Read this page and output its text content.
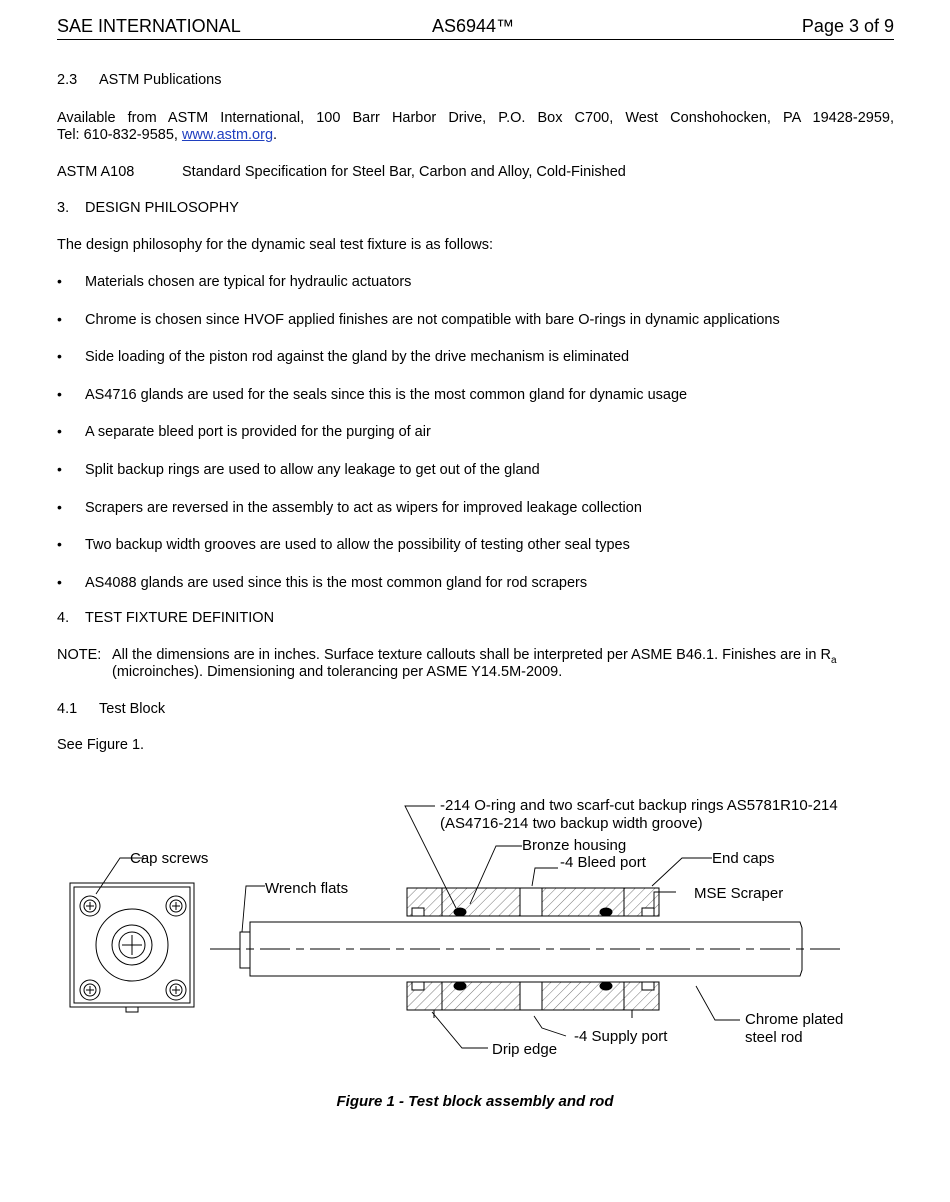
SAE INTERNATIONAL	AS6944™	Page 3 of 9
2.3 ASTM Publications
Available from ASTM International, 100 Barr Harbor Drive, P.O. Box C700, West Conshohocken, PA 19428-2959,
Tel: 610-832-9585, www.astm.org.
ASTM A108	Standard Specification for Steel Bar, Carbon and Alloy, Cold-Finished
3. DESIGN PHILOSOPHY
The design philosophy for the dynamic seal test fixture is as follows:
• Materials chosen are typical for hydraulic actuators
• Chrome is chosen since HVOF applied finishes are not compatible with bare O-rings in dynamic applications
• Side loading of the piston rod against the gland by the drive mechanism is eliminated
• AS4716 glands are used for the seals since this is the most common gland for dynamic usage
• A separate bleed port is provided for the purging of air
• Split backup rings are used to allow any leakage to get out of the gland
• Scrapers are reversed in the assembly to act as wipers for improved leakage collection
• Two backup width grooves are used to allow the possibility of testing other seal types
• AS4088 glands are used since this is the most common gland for rod scrapers
4. TEST FIXTURE DEFINITION
NOTE: All the dimensions are in inches. Surface texture callouts shall be interpreted per ASME B46.1. Finishes are in $R_a$
(microinches). Dimensioning and tolerancing per ASME Y14.5M-2009.
4.1 Test Block
See Figure 1.
-214 O-ring and two scarf-cut backup rings AS5781R10-214
(AS4716-214 two backup width groove)
Bronze housing
-4 Bleed port	End caps
Cap screws
Wrench flats	MSE Scraper
Chrome plated
steel rod
-4 Supply port
Drip edge
Figure 1 - Test block assembly and rod
